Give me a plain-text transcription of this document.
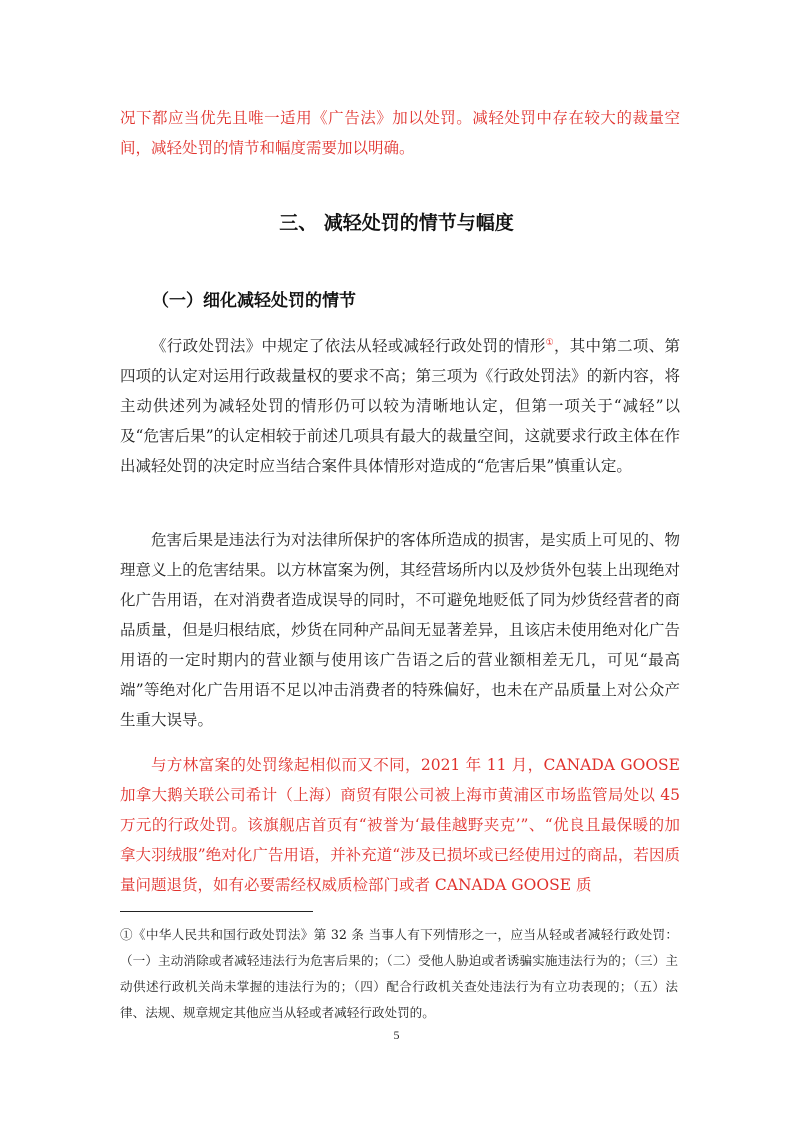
况下都应当优先且唯一适用《广告法》加以处罚。减轻处罚中存在较大的裁量空间，减轻处罚的情节和幅度需要加以明确。

三、 减轻处罚的情节与幅度
（一）细化减轻处罚的情节

《行政处罚法》中规定了依法从轻或减轻行政处罚的情形①，其中第二项、第四项的认定对运用行政裁量权的要求不高；第三项为《行政处罚法》的新内容，将主动供述列为减轻处罚的情形仍可以较为清晰地认定，但第一项关于“减轻”以及“危害后果”的认定相较于前述几项具有最大的裁量空间，这就要求行政主体在作出减轻处罚的决定时应当结合案件具体情形对造成的“危害后果”慎重认定。

危害后果是违法行为对法律所保护的客体所造成的损害，是实质上可见的、物理意义上的危害结果。以方林富案为例，其经营场所内以及炒货外包装上出现绝对化广告用语，在对消费者造成误导的同时，不可避免地贬低了同为炒货经营者的商品质量，但是归根结底，炒货在同种产品间无显著差异，且该店未使用绝对化广告用语的一定时期内的营业额与使用该广告语之后的营业额相差无几，可见“最高端”等绝对化广告用语不足以冲击消费者的特殊偏好，也未在产品质量上对公众产生重大误导。

与方林富案的处罚缘起相似而又不同，2021 年 11 月，CANADA GOOSE 加拿大鹅关联公司希计（上海）商贸有限公司被上海市黄浦区市场监管局处以 45 万元的行政处罚。该旗舰店首页有“被誉为‘最佳越野夹克’”、“优良且最保暖的加拿大羽绒服”绝对化广告用语，并补充道“涉及已损坏或已经使用过的商品，若因质量问题退货，如有必要需经权威质检部门或者 CANADA GOOSE 质

①《中华人民共和国行政处罚法》第 32 条 当事人有下列情形之一，应当从轻或者减轻行政处罚：（一）主动消除或者减轻违法行为危害后果的；（二）受他人胁迫或者诱骗实施违法行为的；（三）主动供述行政机关尚未掌握的违法行为的；（四）配合行政机关查处违法行为有立功表现的；（五）法律、法规、规章规定其他应当从轻或者减轻行政处罚的。

5
